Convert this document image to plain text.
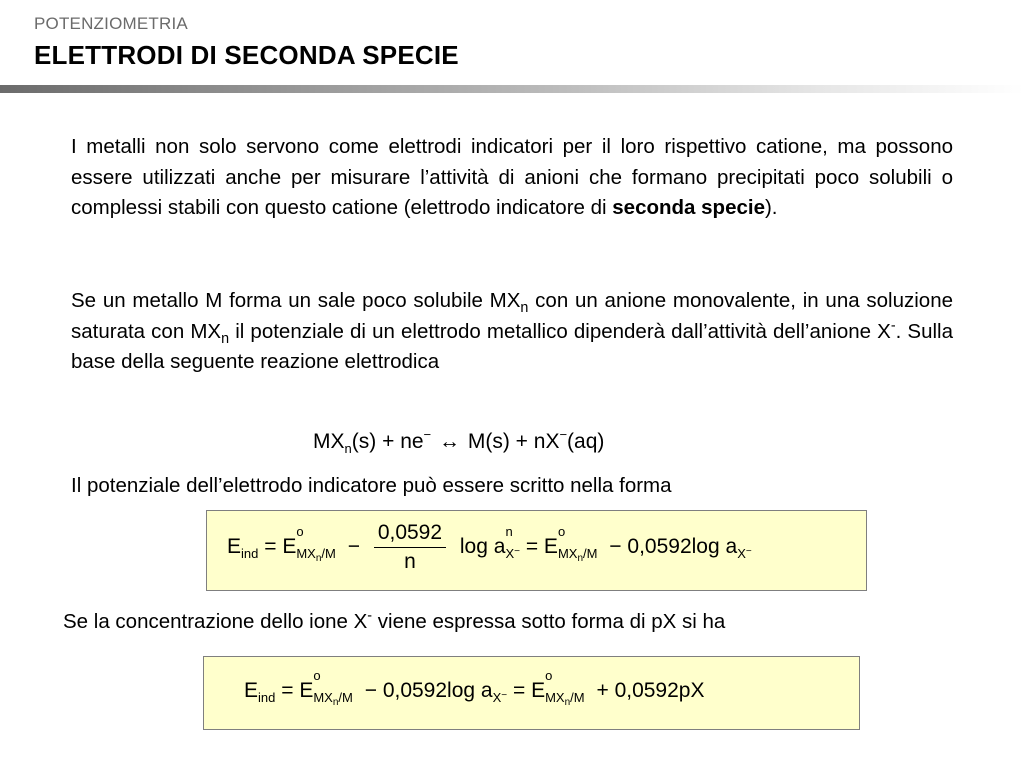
POTENZIOMETRIA
ELETTRODI DI SECONDA SPECIE
I metalli non solo servono come elettrodi indicatori per il loro rispettivo catione, ma possono essere utilizzati anche per misurare l’attività di anioni che formano precipitati poco solubili o complessi stabili con questo catione (elettrodo indicatore di seconda specie).
Se un metallo M forma un sale poco solubile $MX_n$ con un anione monovalente, in una soluzione saturata con $MX_n$ il potenziale di un elettrodo metallico dipenderà dall’attività dell’anione X-. Sulla base della seguente reazione elettrodica
$MX_n(s) + ne^-$ ↔ M(s) + nX−(aq)
Il potenziale dell’elettrodo indicatore può essere scritto nella forma
$E_{ind} = E$
o
$_{MX_n/M} - \frac{0,0592}{n}$ log a
n
$_{X^-}$ = E
o
$_{MX_n/M}$ − 0,0592log $a_{X^-}$
Se la concentrazione dello ione X- viene espressa sotto forma di pX si ha
$E_{ind} = E$
o
$_{MX_n/M}$ − 0,0592log $a_{X^-} = E$
o
$_{MX_n/M}$ + 0,0592pX
